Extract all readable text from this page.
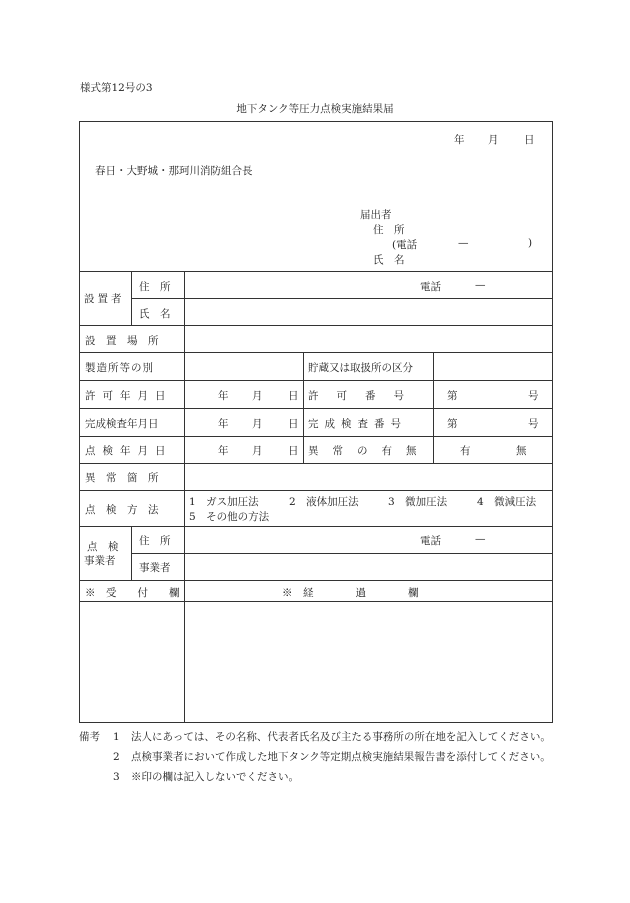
様式第12号の3
地下タンク等圧力点検実施結果届
年 月 日
春日・大野城・那珂川消防組合長
届出者
住　所
(電話	—	)
氏　名
設置者
住　所	電話	—
氏　名
設　置　場　所
製造所等の別	貯蔵又は取扱所の区分
許可年月日	年 月 日 許可番号 第	号
完成検査年月日	年 月 日 完成検査番号	第	号
点検年月日	年 月 日 異常の有無	有	無
異　常　箇　所
点　検　方　法
1　ガス加圧法	2　液体加圧法	3　微加圧法	4　微減圧法
5　その他の方法
点　検
事業者
住　所	電話	—
事業者
※　受　　付　　欄	※　経　　　　過　　　　欄
備考	1	法人にあっては、その名称、代表者氏名及び主たる事務所の所在地を記入してください。
2	点検事業者において作成した地下タンク等定期点検実施結果報告書を添付してください。
3	※印の欄は記入しないでください。
